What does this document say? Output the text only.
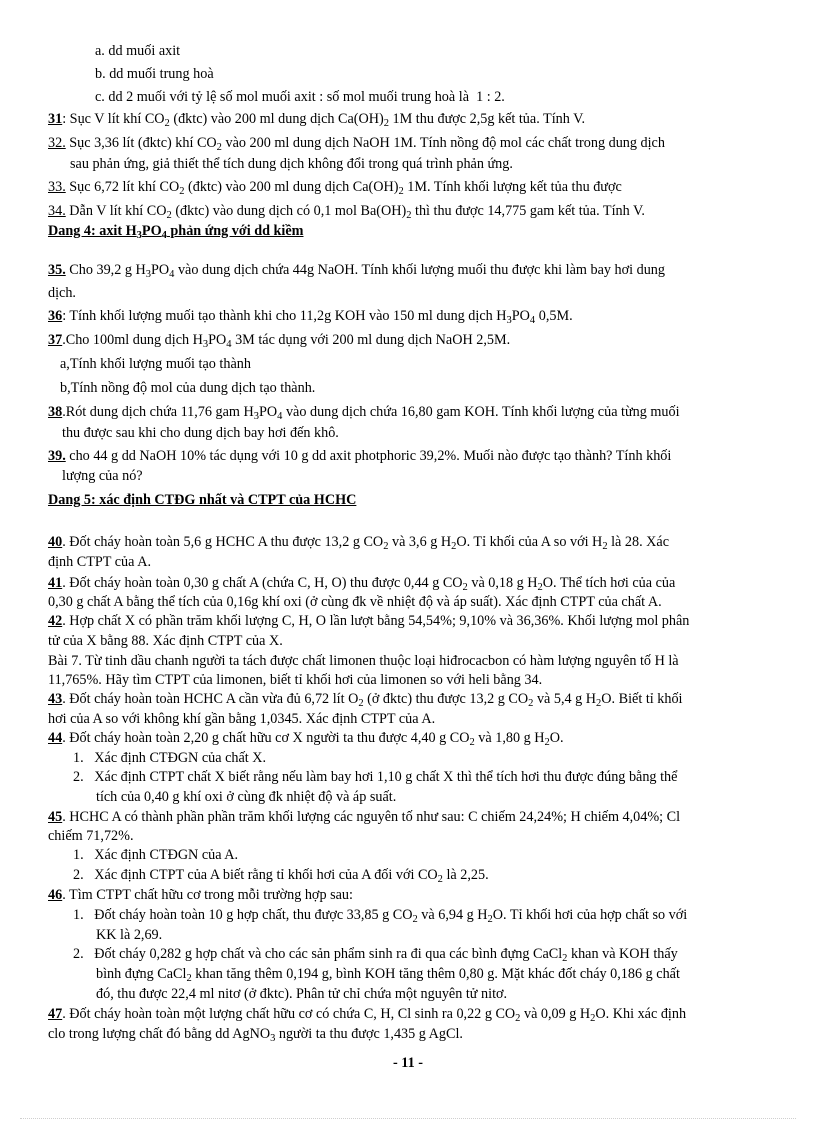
a. dd muối axit
b. dd muối trung hoà
c. dd 2 muối với tỷ lệ số mol muối axit : số mol muối trung hoà là  1 : 2.
31: Sục V lít khí $CO_2$ (đktc) vào 200 ml dung dịch $Ca(OH)_2$ 1M thu được 2,5g kết tủa. Tính V.
32. Sục 3,36 lít (đktc) khí $CO_2$ vào 200 ml dung dịch NaOH 1M. Tính nồng độ mol các chất trong dung dịch
sau phản ứng, giả thiết thể tích dung dịch không đổi trong quá trình phản ứng.
33. Sục 6,72 lít khí $CO_2$ (đktc) vào 200 ml dung dịch $Ca(OH)_2$ 1M. Tính khối lượng kết tủa thu được
34. Dẫn V lít khí $CO_2$ (đktc) vào dung dịch có 0,1 mol $Ba(OH)_2$ thì thu được 14,775 gam kết tủa. Tính V.
Dang 4: axit $H_3PO_4$ phản ứng với dd kiềm
35. Cho 39,2 g $H_3PO_4$ vào dung dịch chứa 44g NaOH. Tính khối lượng muối thu được khi làm bay hơi dung
dịch.
36: Tính khối lượng muối tạo thành khi cho 11,2g KOH vào 150 ml dung dịch $H_3PO_4$ 0,5M.
37.Cho 100ml dung dịch $H_3PO_4$ 3M tác dụng với 200 ml dung dịch NaOH 2,5M.
a,Tính khối lượng muối tạo thành
b,Tính nồng độ mol của dung dịch tạo thành.
38.Rót dung dịch chứa 11,76 gam $H_3PO_4$ vào dung dịch chứa 16,80 gam KOH. Tính khối lượng của từng muối
thu được sau khi cho dung dịch bay hơi đến khô.
39. cho 44 g dd NaOH 10% tác dụng với 10 g dd axit photphoric 39,2%. Muối nào được tạo thành? Tính khối
lượng của nó?
Dang 5: xác định CTĐG nhất và CTPT của HCHC
40. Đốt cháy hoàn toàn 5,6 g HCHC A thu được 13,2 g $CO_2$ và 3,6 g $H_2O$. Tỉ khối của A so với $H_2$ là 28. Xác
định CTPT của A.
41. Đốt cháy hoàn toàn 0,30 g chất A (chứa C, H, O) thu được 0,44 g $CO_2$ và 0,18 g $H_2O$. Thể tích hơi của của
0,30 g chất A bằng thể tích của 0,16g khí oxi (ở cùng đk về nhiệt độ và áp suất). Xác định CTPT của chất A.
42. Hợp chất X có phần trăm khối lượng C, H, O lần lượt bằng 54,54%; 9,10% và 36,36%. Khối lượng mol phân
tử của X bằng 88. Xác định CTPT của X.
Bài 7. Từ tinh dầu chanh người ta tách được chất limonen thuộc loại hiđrocacbon có hàm lượng nguyên tố H là
11,765%. Hãy tìm CTPT của limonen, biết tỉ khối hơi của limonen so với heli bằng 34.
43. Đốt cháy hoàn toàn HCHC A cần vừa đủ 6,72 lít $O_2$ (ở đktc) thu được 13,2 g $CO_2$ và 5,4 g $H_2O$. Biết tỉ khối
hơi của A so với không khí gần bằng 1,0345. Xác định CTPT của A.
44. Đốt cháy hoàn toàn 2,20 g chất hữu cơ X người ta thu được 4,40 g $CO_2$ và 1,80 g $H_2O$.
1.   Xác định CTĐGN của chất X.
2.   Xác định CTPT chất X biết rằng nếu làm bay hơi 1,10 g chất X thì thể tích hơi thu được đúng bằng thể
tích của 0,40 g khí oxi ở cùng đk nhiệt độ và áp suất.
45. HCHC A có thành phần phần trăm khối lượng các nguyên tố như sau: C chiếm 24,24%; H chiếm 4,04%; Cl
chiếm 71,72%.
1.   Xác định CTĐGN của A.
2.   Xác định CTPT của A biết rằng tỉ khối hơi của A đối với $CO_2$ là 2,25.
46. Tìm CTPT chất hữu cơ trong mỗi trường hợp sau:
1.   Đốt cháy hoàn toàn 10 g hợp chất, thu được 33,85 g $CO_2$ và 6,94 g $H_2O$. Tỉ khối hơi của hợp chất so với
KK là 2,69.
2.   Đốt cháy 0,282 g hợp chất và cho các sản phẩm sinh ra đi qua các bình đựng CaCl$_2$ khan và KOH thấy
bình đựng CaCl$_2$ khan tăng thêm 0,194 g, bình KOH tăng thêm 0,80 g. Mặt khác đốt cháy 0,186 g chất
đó, thu được 22,4 ml nitơ (ở đktc). Phân tử chỉ chứa một nguyên tử nitơ.
47. Đốt cháy hoàn toàn một lượng chất hữu cơ có chứa C, H, Cl sinh ra 0,22 g $CO_2$ và 0,09 g $H_2O$. Khi xác định
clo trong lượng chất đó bằng dd AgNO$_3$ người ta thu được 1,435 g AgCl.
- 11 -
